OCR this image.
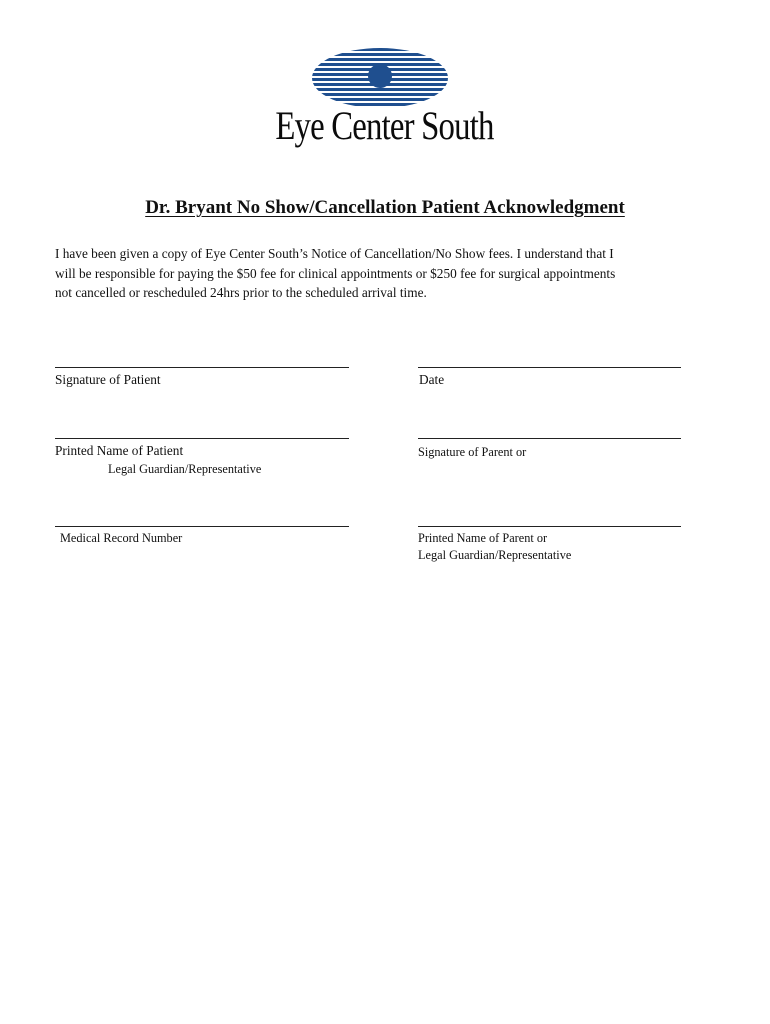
Eye Center South
Dr. Bryant No Show/Cancellation Patient Acknowledgment
I have been given a copy of Eye Center South’s Notice of Cancellation/No Show fees. I understand that I
will be responsible for paying the $50 fee for clinical appointments or $250 fee for surgical appointments
not cancelled or rescheduled 24hrs prior to the scheduled arrival time.
Signature of Patient	Date
Printed Name of Patient
Legal Guardian/Representative
Signature of Parent or
Medical Record Number	Printed Name of Parent or
Legal Guardian/Representative
